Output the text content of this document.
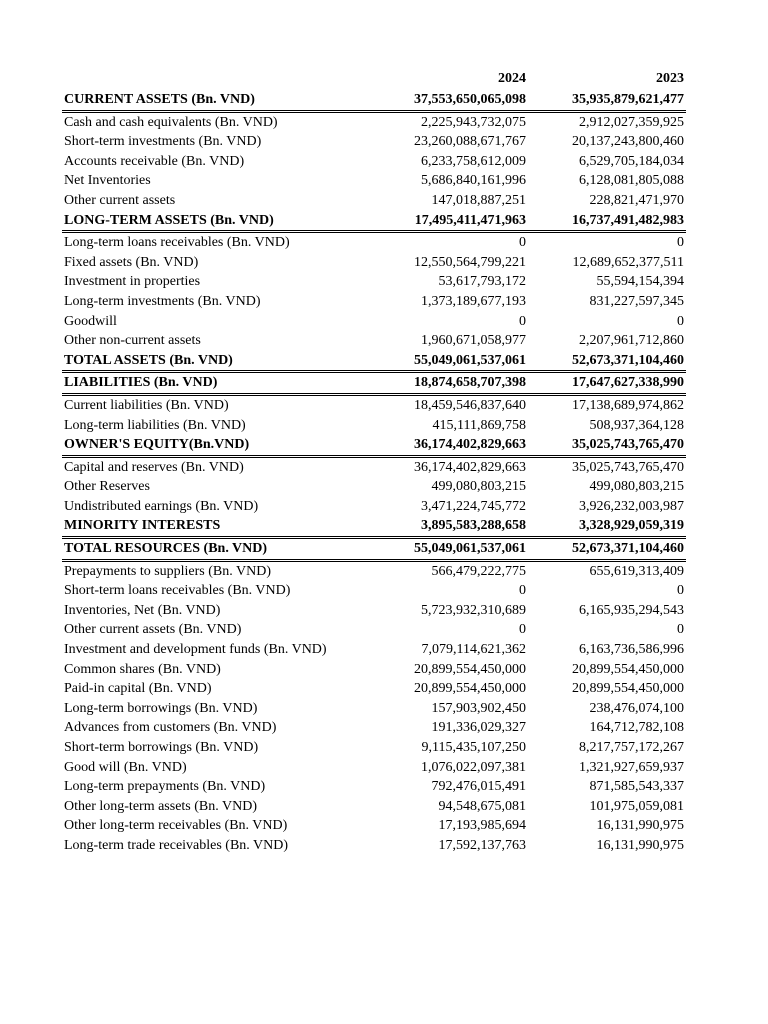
	2024	2023
CURRENT ASSETS (Bn. VND)	37,553,650,065,098	35,935,879,621,477
Cash and cash equivalents (Bn. VND)	2,225,943,732,075	2,912,027,359,925
Short-term investments (Bn. VND)	23,260,088,671,767	20,137,243,800,460
Accounts receivable (Bn. VND)	6,233,758,612,009	6,529,705,184,034
Net Inventories	5,686,840,161,996	6,128,081,805,088
Other current assets	147,018,887,251	228,821,471,970
LONG-TERM ASSETS (Bn. VND)	17,495,411,471,963	16,737,491,482,983
Long-term loans receivables (Bn. VND)	0	0
Fixed assets (Bn. VND)	12,550,564,799,221	12,689,652,377,511
Investment in properties	53,617,793,172	55,594,154,394
Long-term investments (Bn. VND)	1,373,189,677,193	831,227,597,345
Goodwill	0	0
Other non-current assets	1,960,671,058,977	2,207,961,712,860
TOTAL ASSETS (Bn. VND)	55,049,061,537,061	52,673,371,104,460
LIABILITIES (Bn. VND)	18,874,658,707,398	17,647,627,338,990
Current liabilities (Bn. VND)	18,459,546,837,640	17,138,689,974,862
Long-term liabilities (Bn. VND)	415,111,869,758	508,937,364,128
OWNER'S EQUITY(Bn.VND)	36,174,402,829,663	35,025,743,765,470
Capital and reserves (Bn. VND)	36,174,402,829,663	35,025,743,765,470
Other Reserves	499,080,803,215	499,080,803,215
Undistributed earnings (Bn. VND)	3,471,224,745,772	3,926,232,003,987
MINORITY INTERESTS	3,895,583,288,658	3,328,929,059,319
TOTAL RESOURCES (Bn. VND)	55,049,061,537,061	52,673,371,104,460
Prepayments to suppliers (Bn. VND)	566,479,222,775	655,619,313,409
Short-term loans receivables (Bn. VND)	0	0
Inventories, Net (Bn. VND)	5,723,932,310,689	6,165,935,294,543
Other current assets (Bn. VND)	0	0
Investment and development funds (Bn. VND)	7,079,114,621,362	6,163,736,586,996
Common shares (Bn. VND)	20,899,554,450,000	20,899,554,450,000
Paid-in capital (Bn. VND)	20,899,554,450,000	20,899,554,450,000
Long-term borrowings (Bn. VND)	157,903,902,450	238,476,074,100
Advances from customers (Bn. VND)	191,336,029,327	164,712,782,108
Short-term borrowings (Bn. VND)	9,115,435,107,250	8,217,757,172,267
Good will (Bn. VND)	1,076,022,097,381	1,321,927,659,937
Long-term prepayments (Bn. VND)	792,476,015,491	871,585,543,337
Other long-term assets (Bn. VND)	94,548,675,081	101,975,059,081
Other long-term receivables (Bn. VND)	17,193,985,694	16,131,990,975
Long-term trade receivables (Bn. VND)	17,592,137,763	16,131,990,975
